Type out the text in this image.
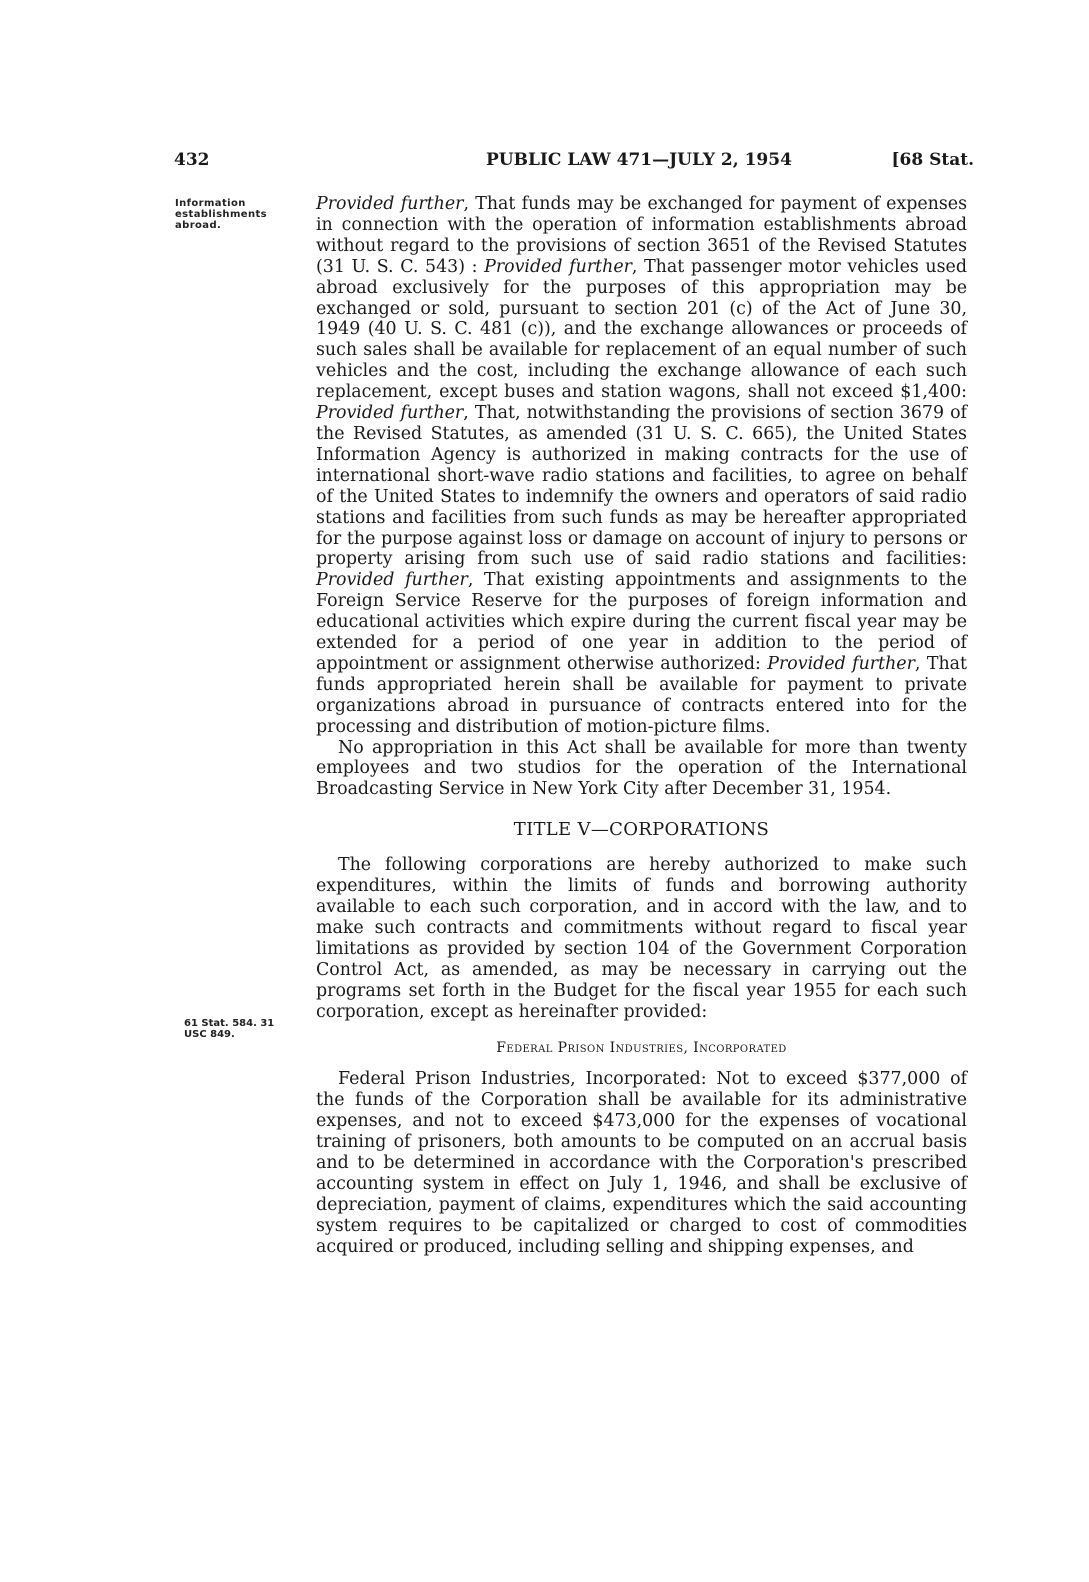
432	PUBLIC LAW 471—JULY 2, 1954	[68 Stat.
Information establishments abroad.
61 Stat. 584. 31 USC 849.

Provided further, That funds may be exchanged for payment of expenses in connection with the operation of information establishments abroad without regard to the provisions of section 3651 of the Revised Statutes (31 U. S. C. 543) : Provided further, That passenger motor vehicles used abroad exclusively for the purposes of this appropriation may be exchanged or sold, pursuant to section 201 (c) of the Act of June 30, 1949 (40 U. S. C. 481 (c)), and the exchange allowances or proceeds of such sales shall be available for replacement of an equal number of such vehicles and the cost, including the exchange allowance of each such replacement, except buses and station wagons, shall not exceed $1,400: Provided further, That, notwithstanding the provisions of section 3679 of the Revised Statutes, as amended (31 U. S. C. 665), the United States Information Agency is authorized in making contracts for the use of international short-wave radio stations and facilities, to agree on behalf of the United States to indemnify the owners and operators of said radio stations and facilities from such funds as may be hereafter appropriated for the purpose against loss or damage on account of injury to persons or property arising from such use of said radio stations and facilities: Provided further, That existing appointments and assignments to the Foreign Service Reserve for the purposes of foreign information and educational activities which expire during the current fiscal year may be extended for a period of one year in addition to the period of appointment or assignment otherwise authorized: Provided further, That funds appropriated herein shall be available for payment to private organizations abroad in pursuance of contracts entered into for the processing and distribution of motion-picture films.

No appropriation in this Act shall be available for more than twenty employees and two studios for the operation of the International Broadcasting Service in New York City after December 31, 1954.

TITLE V—CORPORATIONS

The following corporations are hereby authorized to make such expenditures, within the limits of funds and borrowing authority available to each such corporation, and in accord with the law, and to make such contracts and commitments without regard to fiscal year limitations as provided by section 104 of the Government Corporation Control Act, as amended, as may be necessary in carrying out the programs set forth in the Budget for the fiscal year 1955 for each such corporation, except as hereinafter provided:

Federal Prison Industries, Incorporated

Federal Prison Industries, Incorporated: Not to exceed $377,000 of the funds of the Corporation shall be available for its administrative expenses, and not to exceed $473,000 for the expenses of vocational training of prisoners, both amounts to be computed on an accrual basis and to be determined in accordance with the Corporation's prescribed accounting system in effect on July 1, 1946, and shall be exclusive of depreciation, payment of claims, expenditures which the said accounting system requires to be capitalized or charged to cost of commodities acquired or produced, including selling and shipping expenses, and
